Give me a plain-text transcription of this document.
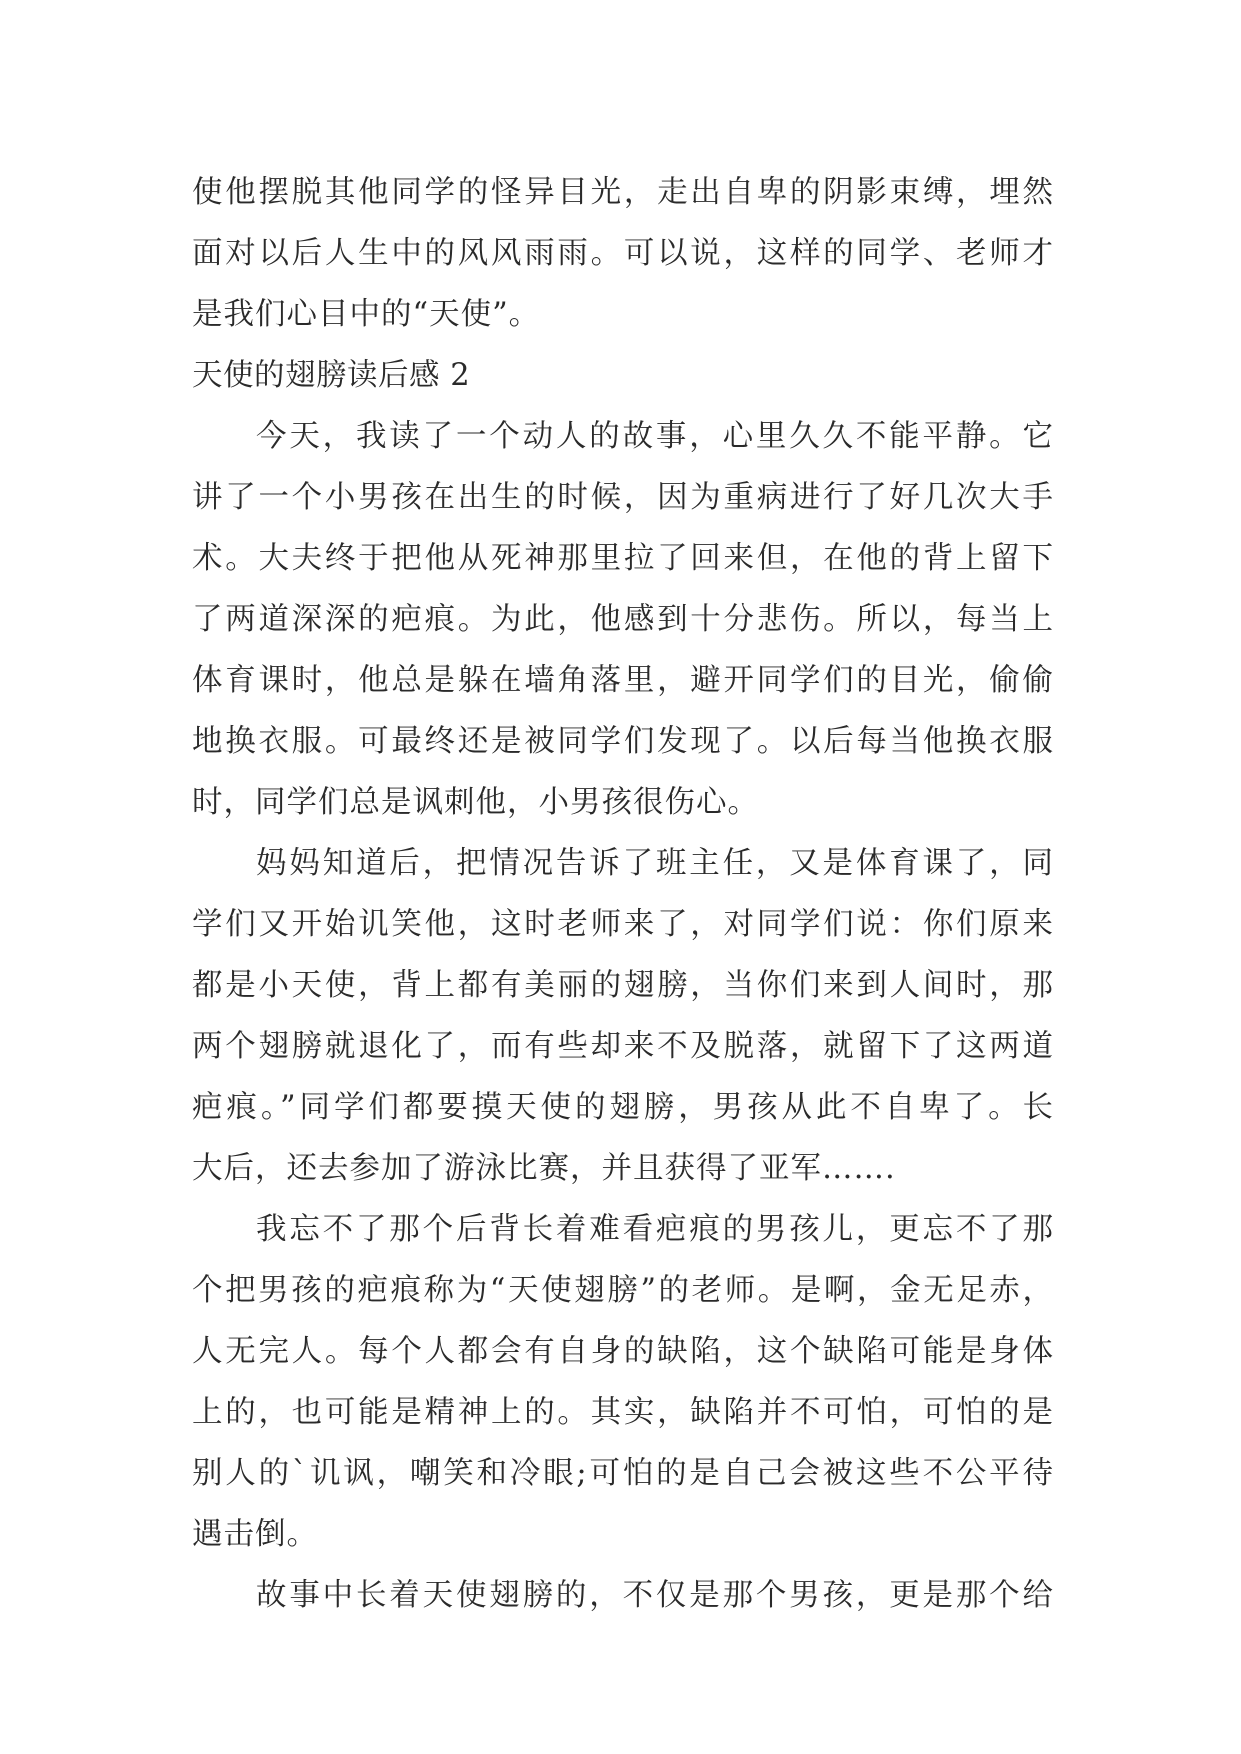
使他摆脱其他同学的怪异目光，走出自卑的阴影束缚，埋然
面对以后人生中的风风雨雨。可以说，这样的同学、老师才
是我们心目中的“天使”。
天使的翅膀读后感 2
今天，我读了一个动人的故事，心里久久不能平静。它
讲了一个小男孩在出生的时候，因为重病进行了好几次大手
术。大夫终于把他从死神那里拉了回来但，在他的背上留下
了两道深深的疤痕。为此，他感到十分悲伤。所以，每当上
体育课时，他总是躲在墙角落里，避开同学们的目光，偷偷
地换衣服。可最终还是被同学们发现了。以后每当他换衣服
时，同学们总是讽刺他，小男孩很伤心。
妈妈知道后，把情况告诉了班主任，又是体育课了，同
学们又开始讥笑他，这时老师来了，对同学们说：你们原来
都是小天使，背上都有美丽的翅膀，当你们来到人间时，那
两个翅膀就退化了，而有些却来不及脱落，就留下了这两道
疤痕。”同学们都要摸天使的翅膀，男孩从此不自卑了。长
大后，还去参加了游泳比赛，并且获得了亚军…….
我忘不了那个后背长着难看疤痕的男孩儿，更忘不了那
个把男孩的疤痕称为“天使翅膀”的老师。是啊，金无足赤，
人无完人。每个人都会有自身的缺陷，这个缺陷可能是身体
上的，也可能是精神上的。其实，缺陷并不可怕，可怕的是
别人的`讥讽，嘲笑和冷眼;可怕的是自己会被这些不公平待
遇击倒。
故事中长着天使翅膀的，不仅是那个男孩，更是那个给
